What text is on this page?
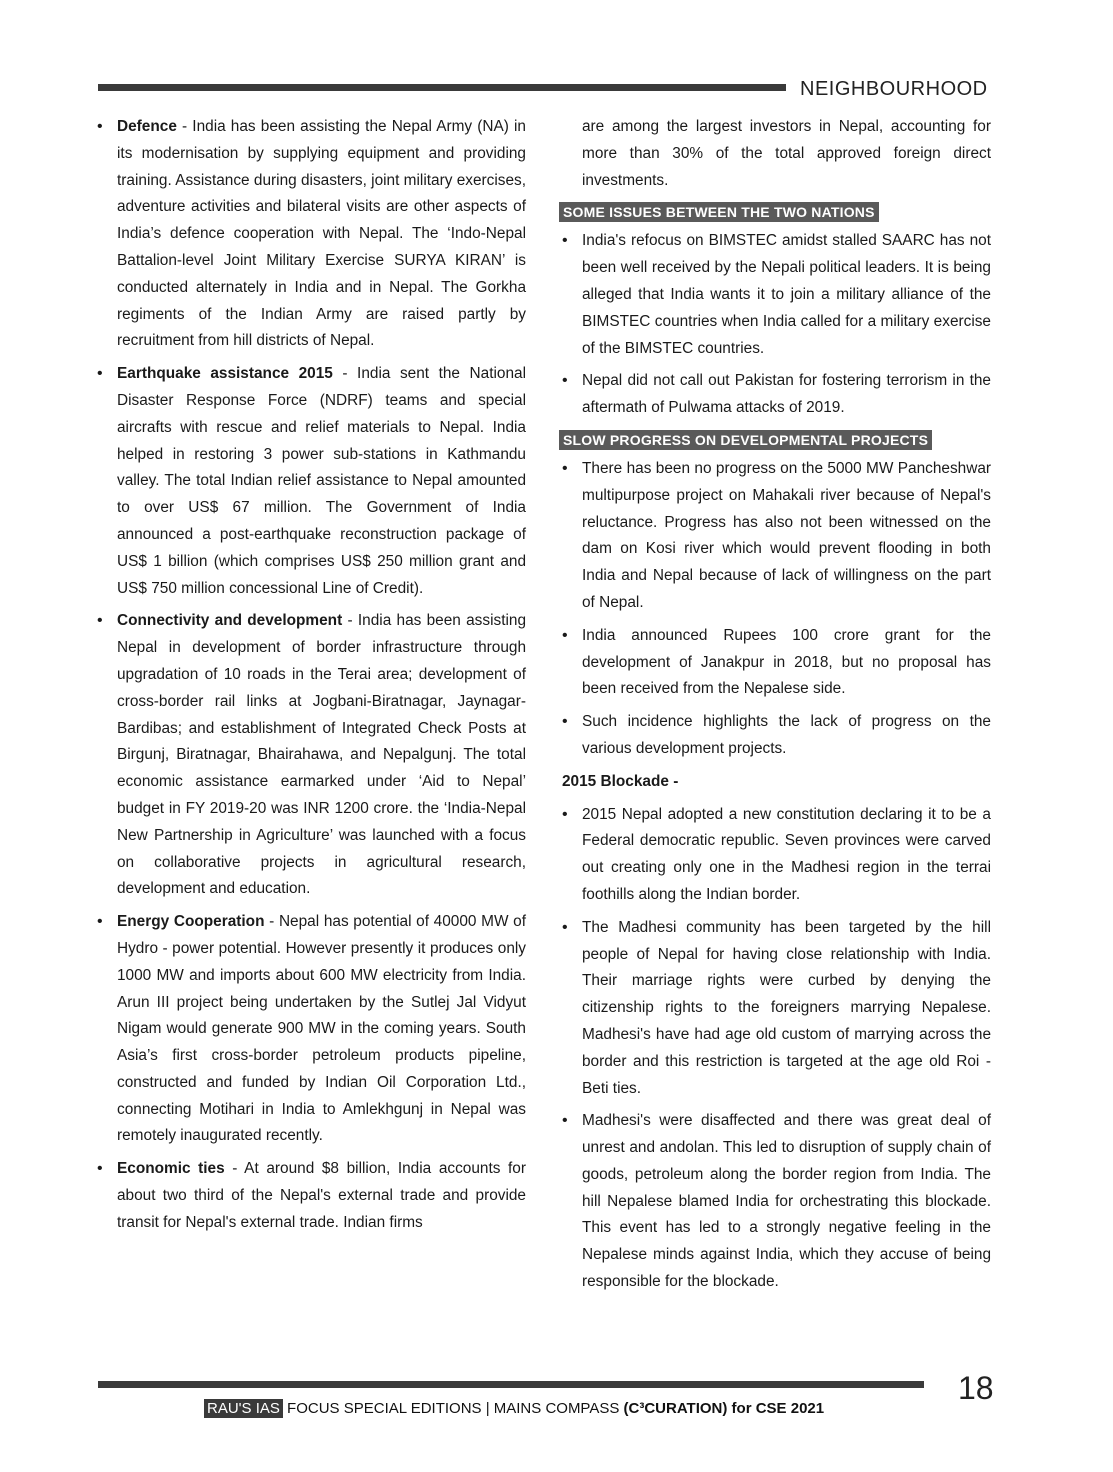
NEIGHBOURHOOD
• Defence - India has been assisting the Nepal Army (NA) in its modernisation by supplying equipment and providing training. Assistance during disasters, joint military exercises, adventure activities and bilateral visits are other aspects of India’s defence cooperation with Nepal. The ‘Indo-Nepal Battalion-level Joint Military Exercise SURYA KIRAN’ is conducted alternately in India and in Nepal. The Gorkha regiments of the Indian Army are raised partly by recruitment from hill districts of Nepal.
• Earthquake assistance 2015 - India sent the National Disaster Response Force (NDRF) teams and special aircrafts with rescue and relief materials to Nepal. India helped in restoring 3 power sub-stations in Kathmandu valley. The total Indian relief assistance to Nepal amounted to over US$ 67 million. The Government of India announced a post-earthquake reconstruction package of US$ 1 billion (which comprises US$ 250 million grant and US$ 750 million concessional Line of Credit).
• Connectivity and development - India has been assisting Nepal in development of border infrastructure through upgradation of 10 roads in the Terai area; development of cross-border rail links at Jogbani-Biratnagar, Jaynagar-Bardibas; and establishment of Integrated Check Posts at Birgunj, Biratnagar, Bhairahawa, and Nepalgunj. The total economic assistance earmarked under ‘Aid to Nepal’ budget in FY 2019-20 was INR 1200 crore. the ‘India-Nepal New Partnership in Agriculture’ was launched with a focus on collaborative projects in agricultural research, development and education.
• Energy Cooperation - Nepal has potential of 40000 MW of Hydro - power potential. However presently it produces only 1000 MW and imports about 600 MW electricity from India. Arun III project being undertaken by the Sutlej Jal Vidyut Nigam would generate 900 MW in the coming years. South Asia’s first cross-border petroleum products pipeline, constructed and funded by Indian Oil Corporation Ltd., connecting Motihari in India to Amlekhgunj in Nepal was remotely inaugurated recently.
• Economic ties - At around $8 billion, India accounts for about two third of the Nepal's external trade and provide transit for Nepal's external trade. Indian firms
are among the largest investors in Nepal, accounting for more than 30% of the total approved foreign direct investments.
SOME ISSUES BETWEEN THE TWO NATIONS
• India's refocus on BIMSTEC amidst stalled SAARC has not been well received by the Nepali political leaders. It is being alleged that India wants it to join a military alliance of the BIMSTEC countries when India called for a military exercise of the BIMSTEC countries.
• Nepal did not call out Pakistan for fostering terrorism in the aftermath of Pulwama attacks of 2019.
SLOW PROGRESS ON DEVELOPMENTAL PROJECTS
• There has been no progress on the 5000 MW Pancheshwar multipurpose project on Mahakali river because of Nepal's reluctance. Progress has also not been witnessed on the dam on Kosi river which would prevent flooding in both India and Nepal because of lack of willingness on the part of Nepal.
• India announced Rupees 100 crore grant for the development of Janakpur in 2018, but no proposal has been received from the Nepalese side.
• Such incidence highlights the lack of progress on the various development projects.
2015 Blockade -
• 2015 Nepal adopted a new constitution declaring it to be a Federal democratic republic. Seven provinces were carved out creating only one in the Madhesi region in the terrai foothills along the Indian border.
• The Madhesi community has been targeted by the hill people of Nepal for having close relationship with India. Their marriage rights were curbed by denying the citizenship rights to the foreigners marrying Nepalese. Madhesi's have had age old custom of marrying across the border and this restriction is targeted at the age old Roi - Beti ties.
• Madhesi's were disaffected and there was great deal of unrest and andolan. This led to disruption of supply chain of goods, petroleum along the border region from India. The hill Nepalese blamed India for orchestrating this blockade. This event has led to a strongly negative feeling in the Nepalese minds against India, which they accuse of being responsible for the blockade.
18
RAU'S IAS FOCUS SPECIAL EDITIONS | MAINS COMPASS (C³CURATION) for CSE 2021
